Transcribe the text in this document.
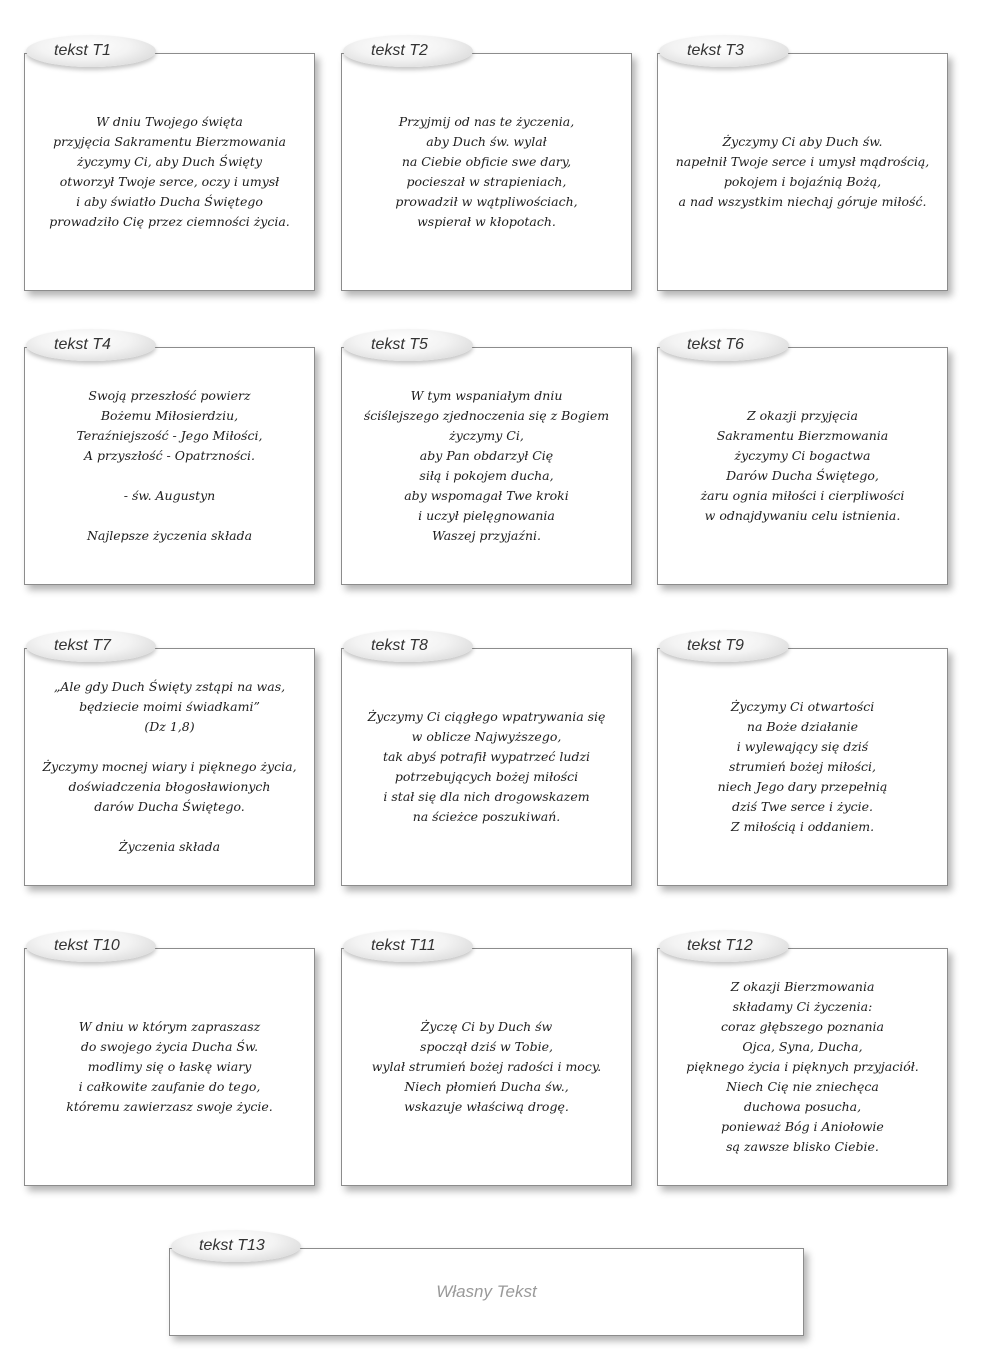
W dniu Twojego święta
przyjęcia Sakramentu Bierzmowania
życzymy Ci, aby Duch Święty
otworzył Twoje serce, oczy i umysł
i aby światło Ducha Świętego
prowadziło Cię przez ciemności życia.
tekst T1
Przyjmij od nas te życzenia,
aby Duch św. wylał
na Ciebie obficie swe dary,
pocieszał w strapieniach,
prowadził w wątpliwościach,
wspierał w kłopotach.
tekst T2
Życzymy Ci aby Duch św.
napełnił Twoje serce i umysł mądrością,
pokojem i bojaźnią Bożą,
a nad wszystkim niechaj góruje miłość.
tekst T3
Swoją przeszłość powierz
Bożemu Miłosierdziu,
Teraźniejszość - Jego Miłości,
A przyszłość - Opatrzności.
- św. Augustyn
Najlepsze życzenia składa
tekst T4
W tym wspaniałym dniu
ściślejszego zjednoczenia się z Bogiem
życzymy Ci,
aby Pan obdarzył Cię
siłą i pokojem ducha,
aby wspomagał Twe kroki
i uczył pielęgnowania
Waszej przyjaźni.
tekst T5
Z okazji przyjęcia
Sakramentu Bierzmowania
życzymy Ci bogactwa
Darów Ducha Świętego,
żaru ognia miłości i cierpliwości
w odnajdywaniu celu istnienia.
tekst T6
„Ale gdy Duch Święty zstąpi na was,
będziecie moimi świadkami”
(Dz 1,8)
Życzymy mocnej wiary i pięknego życia,
doświadczenia błogosławionych
darów Ducha Świętego.
Życzenia składa
tekst T7
Życzymy Ci ciągłego wpatrywania się
w oblicze Najwyższego,
tak abyś potrafił wypatrzeć ludzi
potrzebujących bożej miłości
i stał się dla nich drogowskazem
na ścieżce poszukiwań.
tekst T8
Życzymy Ci otwartości
na Boże działanie
i wylewający się dziś
strumień bożej miłości,
niech Jego dary przepełnią
dziś Twe serce i życie.
Z miłością i oddaniem.
tekst T9
W dniu w którym zapraszasz
do swojego życia Ducha Św.
modlimy się o łaskę wiary
i całkowite zaufanie do tego,
któremu zawierzasz swoje życie.
tekst T10
Życzę Ci by Duch św
spoczął dziś w Tobie,
wylał strumień bożej radości i mocy.
Niech płomień Ducha św.,
wskazuje właściwą drogę.
tekst T11
Z okazji Bierzmowania
składamy Ci życzenia:
coraz głębszego poznania
Ojca, Syna, Ducha,
pięknego życia i pięknych przyjaciół.
Niech Cię nie zniechęca
duchowa posucha,
ponieważ Bóg i Aniołowie
są zawsze blisko Ciebie.
tekst T12
Własny Tekst
tekst T13
